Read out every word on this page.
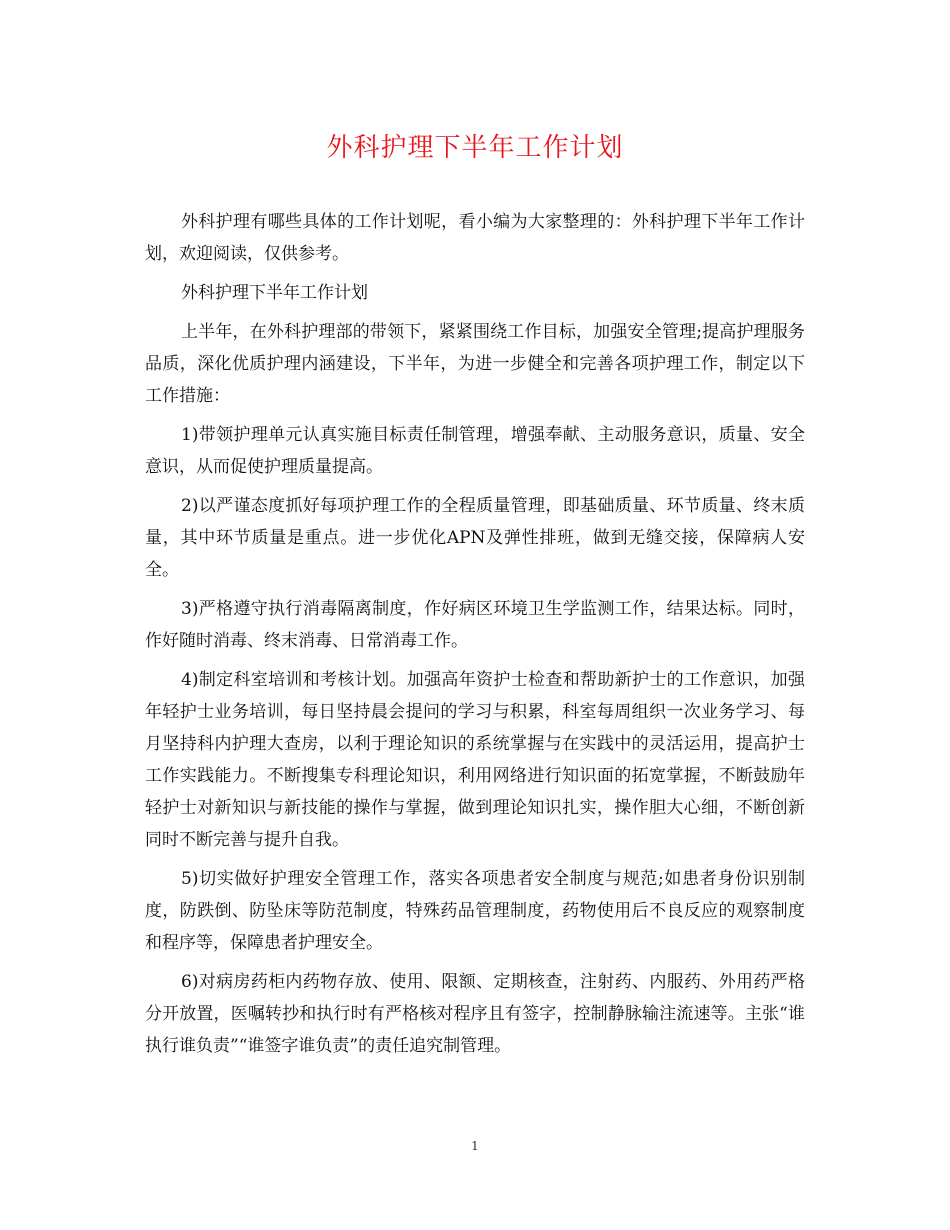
外科护理下半年工作计划

外科护理有哪些具体的工作计划呢，看小编为大家整理的：外科护理下半年工作计划，欢迎阅读，仅供参考。

外科护理下半年工作计划

上半年，在外科护理部的带领下，紧紧围绕工作目标，加强安全管理;提高护理服务品质，深化优质护理内涵建设，下半年，为进一步健全和完善各项护理工作，制定以下工作措施：

1)带领护理单元认真实施目标责任制管理，增强奉献、主动服务意识，质量、安全意识，从而促使护理质量提高。

2)以严谨态度抓好每项护理工作的全程质量管理，即基础质量、环节质量、终末质量，其中环节质量是重点。进一步优化APN及弹性排班，做到无缝交接，保障病人安全。

3)严格遵守执行消毒隔离制度，作好病区环境卫生学监测工作，结果达标。同时，作好随时消毒、终末消毒、日常消毒工作。

4)制定科室培训和考核计划。加强高年资护士检查和帮助新护士的工作意识，加强年轻护士业务培训，每日坚持晨会提问的学习与积累，科室每周组织一次业务学习、每月坚持科内护理大查房，以利于理论知识的系统掌握与在实践中的灵活运用，提高护士工作实践能力。不断搜集专科理论知识，利用网络进行知识面的拓宽掌握，不断鼓励年轻护士对新知识与新技能的操作与掌握，做到理论知识扎实，操作胆大心细，不断创新同时不断完善与提升自我。

5)切实做好护理安全管理工作，落实各项患者安全制度与规范;如患者身份识别制度，防跌倒、防坠床等防范制度，特殊药品管理制度，药物使用后不良反应的观察制度和程序等，保障患者护理安全。

6)对病房药柜内药物存放、使用、限额、定期核查，注射药、内服药、外用药严格分开放置，医嘱转抄和执行时有严格核对程序且有签字，控制静脉输注流速等。主张“谁执行谁负责”“谁签字谁负责”的责任追究制管理。

1
